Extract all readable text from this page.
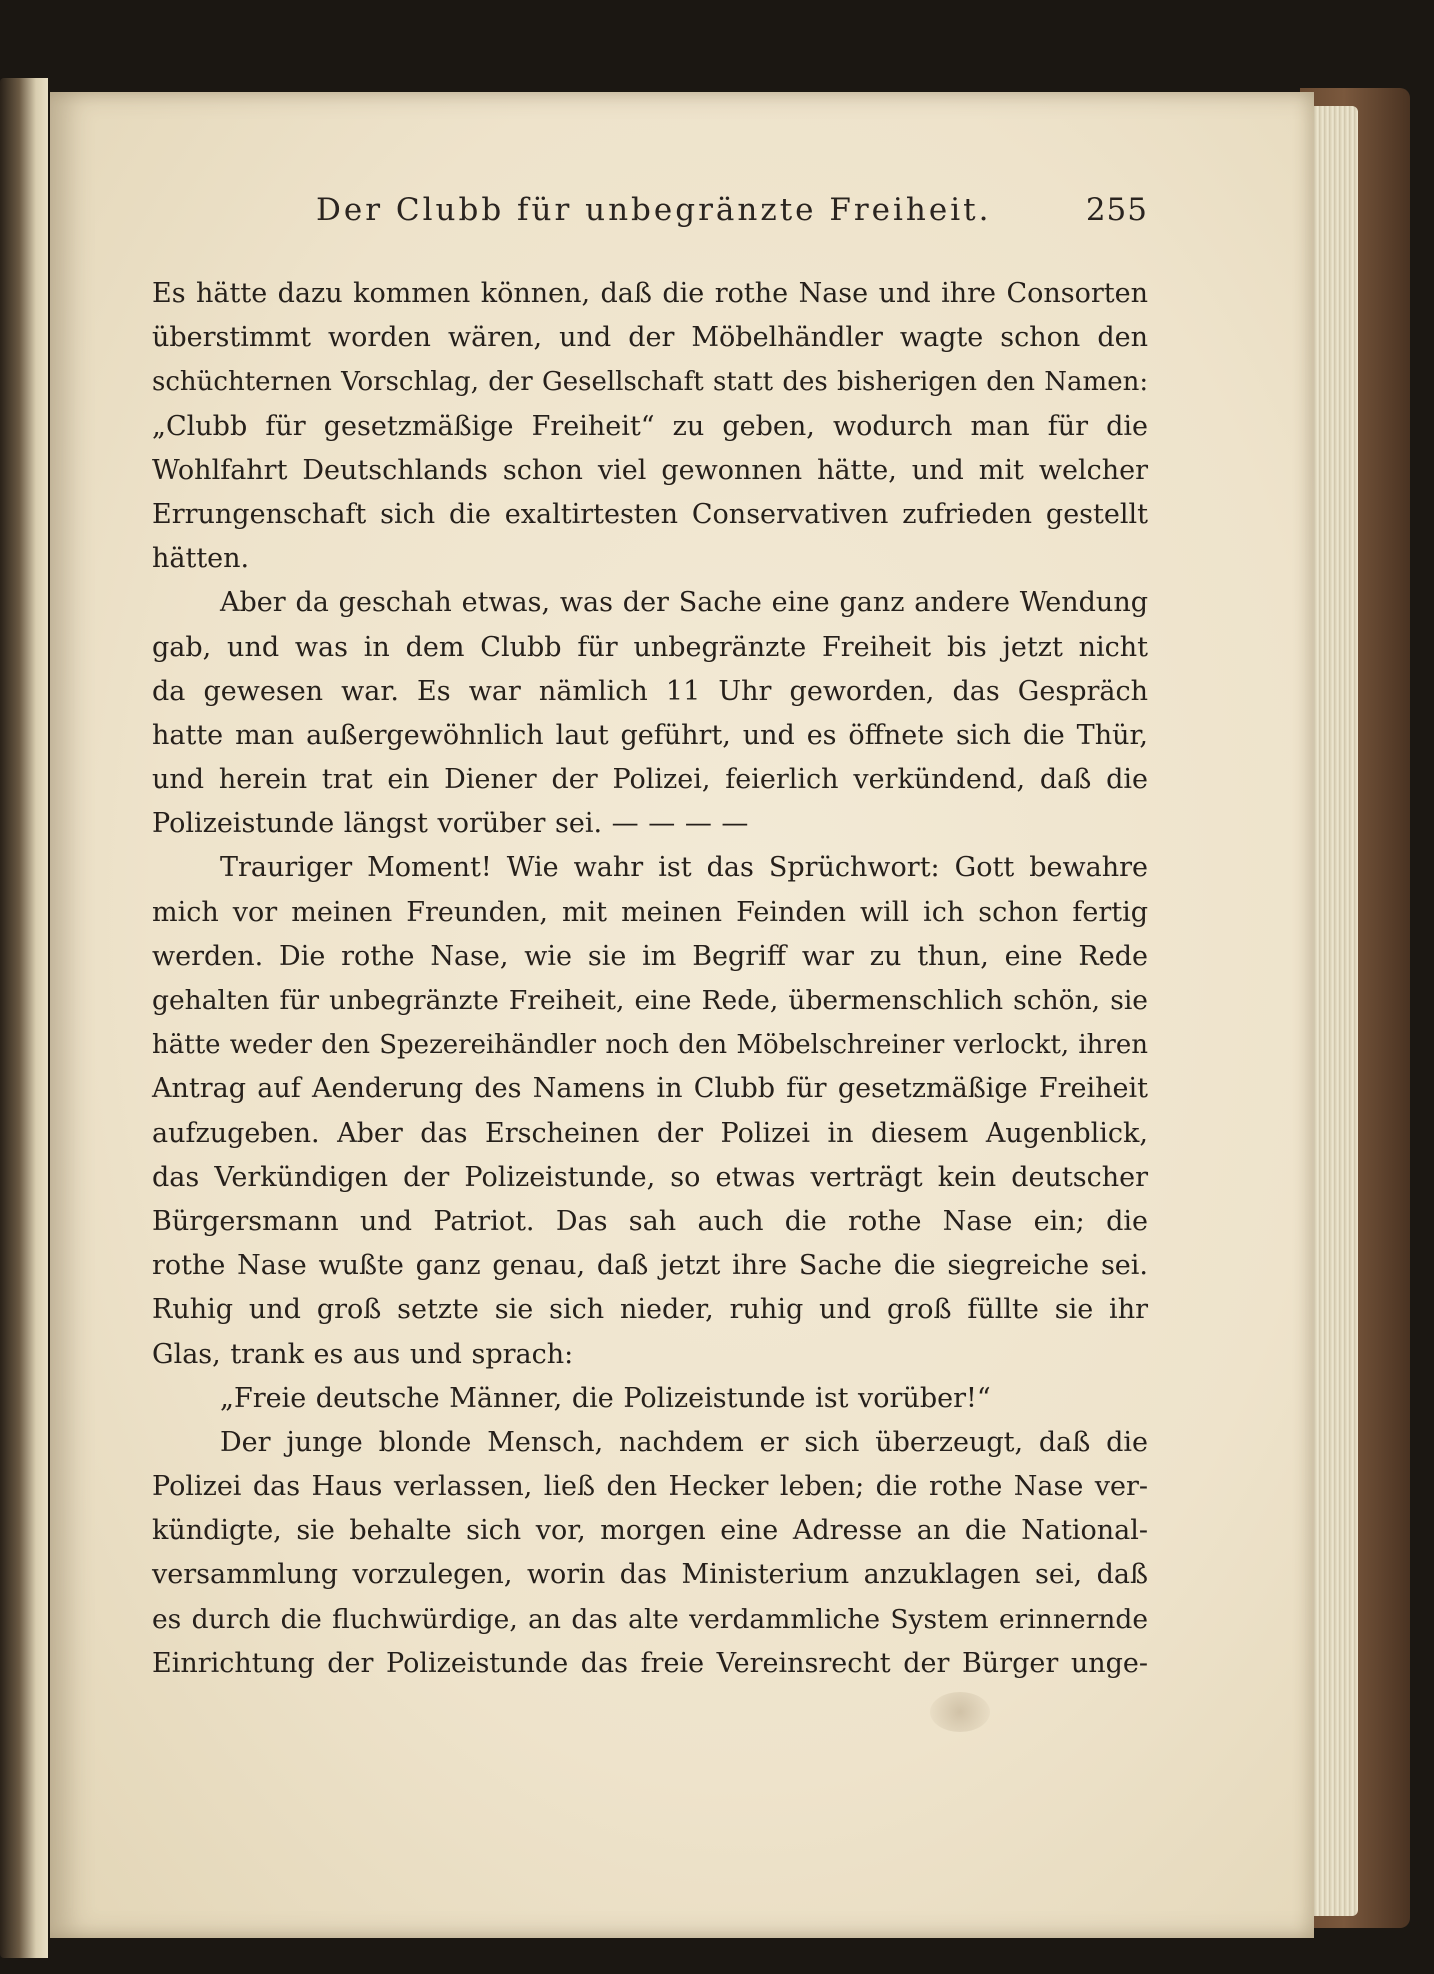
Der Clubb für unbegränzte Freiheit.	255
Es hätte dazu kommen können, daß die rothe Nase und ihre Consorten
überstimmt worden wären, und der Möbelhändler wagte schon den
schüchternen Vorschlag, der Gesellschaft statt des bisherigen den Namen:
„Clubb für gesetzmäßige Freiheit“ zu geben, wodurch man für die
Wohlfahrt Deutschlands schon viel gewonnen hätte, und mit welcher
Errungenschaft sich die exaltirtesten Conservativen zufrieden gestellt
hätten.
Aber da geschah etwas, was der Sache eine ganz andere Wendung
gab, und was in dem Clubb für unbegränzte Freiheit bis jetzt nicht
da gewesen war. Es war nämlich 11 Uhr geworden, das Gespräch
hatte man außergewöhnlich laut geführt, und es öffnete sich die Thür,
und herein trat ein Diener der Polizei, feierlich verkündend, daß die
Polizeistunde längst vorüber sei. — — — —
Trauriger Moment! Wie wahr ist das Sprüchwort: Gott bewahre
mich vor meinen Freunden, mit meinen Feinden will ich schon fertig
werden. Die rothe Nase, wie sie im Begriff war zu thun, eine Rede
gehalten für unbegränzte Freiheit, eine Rede, übermenschlich schön, sie
hätte weder den Spezereihändler noch den Möbelschreiner verlockt, ihren
Antrag auf Aenderung des Namens in Clubb für gesetzmäßige Freiheit
aufzugeben. Aber das Erscheinen der Polizei in diesem Augenblick,
das Verkündigen der Polizeistunde, so etwas verträgt kein deutscher
Bürgersmann und Patriot. Das sah auch die rothe Nase ein; die
rothe Nase wußte ganz genau, daß jetzt ihre Sache die siegreiche sei.
Ruhig und groß setzte sie sich nieder, ruhig und groß füllte sie ihr
Glas, trank es aus und sprach:
„Freie deutsche Männer, die Polizeistunde ist vorüber!“
Der junge blonde Mensch, nachdem er sich überzeugt, daß die
Polizei das Haus verlassen, ließ den Hecker leben; die rothe Nase ver-
kündigte, sie behalte sich vor, morgen eine Adresse an die National-
versammlung vorzulegen, worin das Ministerium anzuklagen sei, daß
es durch die fluchwürdige, an das alte verdammliche System erinnernde
Einrichtung der Polizeistunde das freie Vereinsrecht der Bürger unge-
